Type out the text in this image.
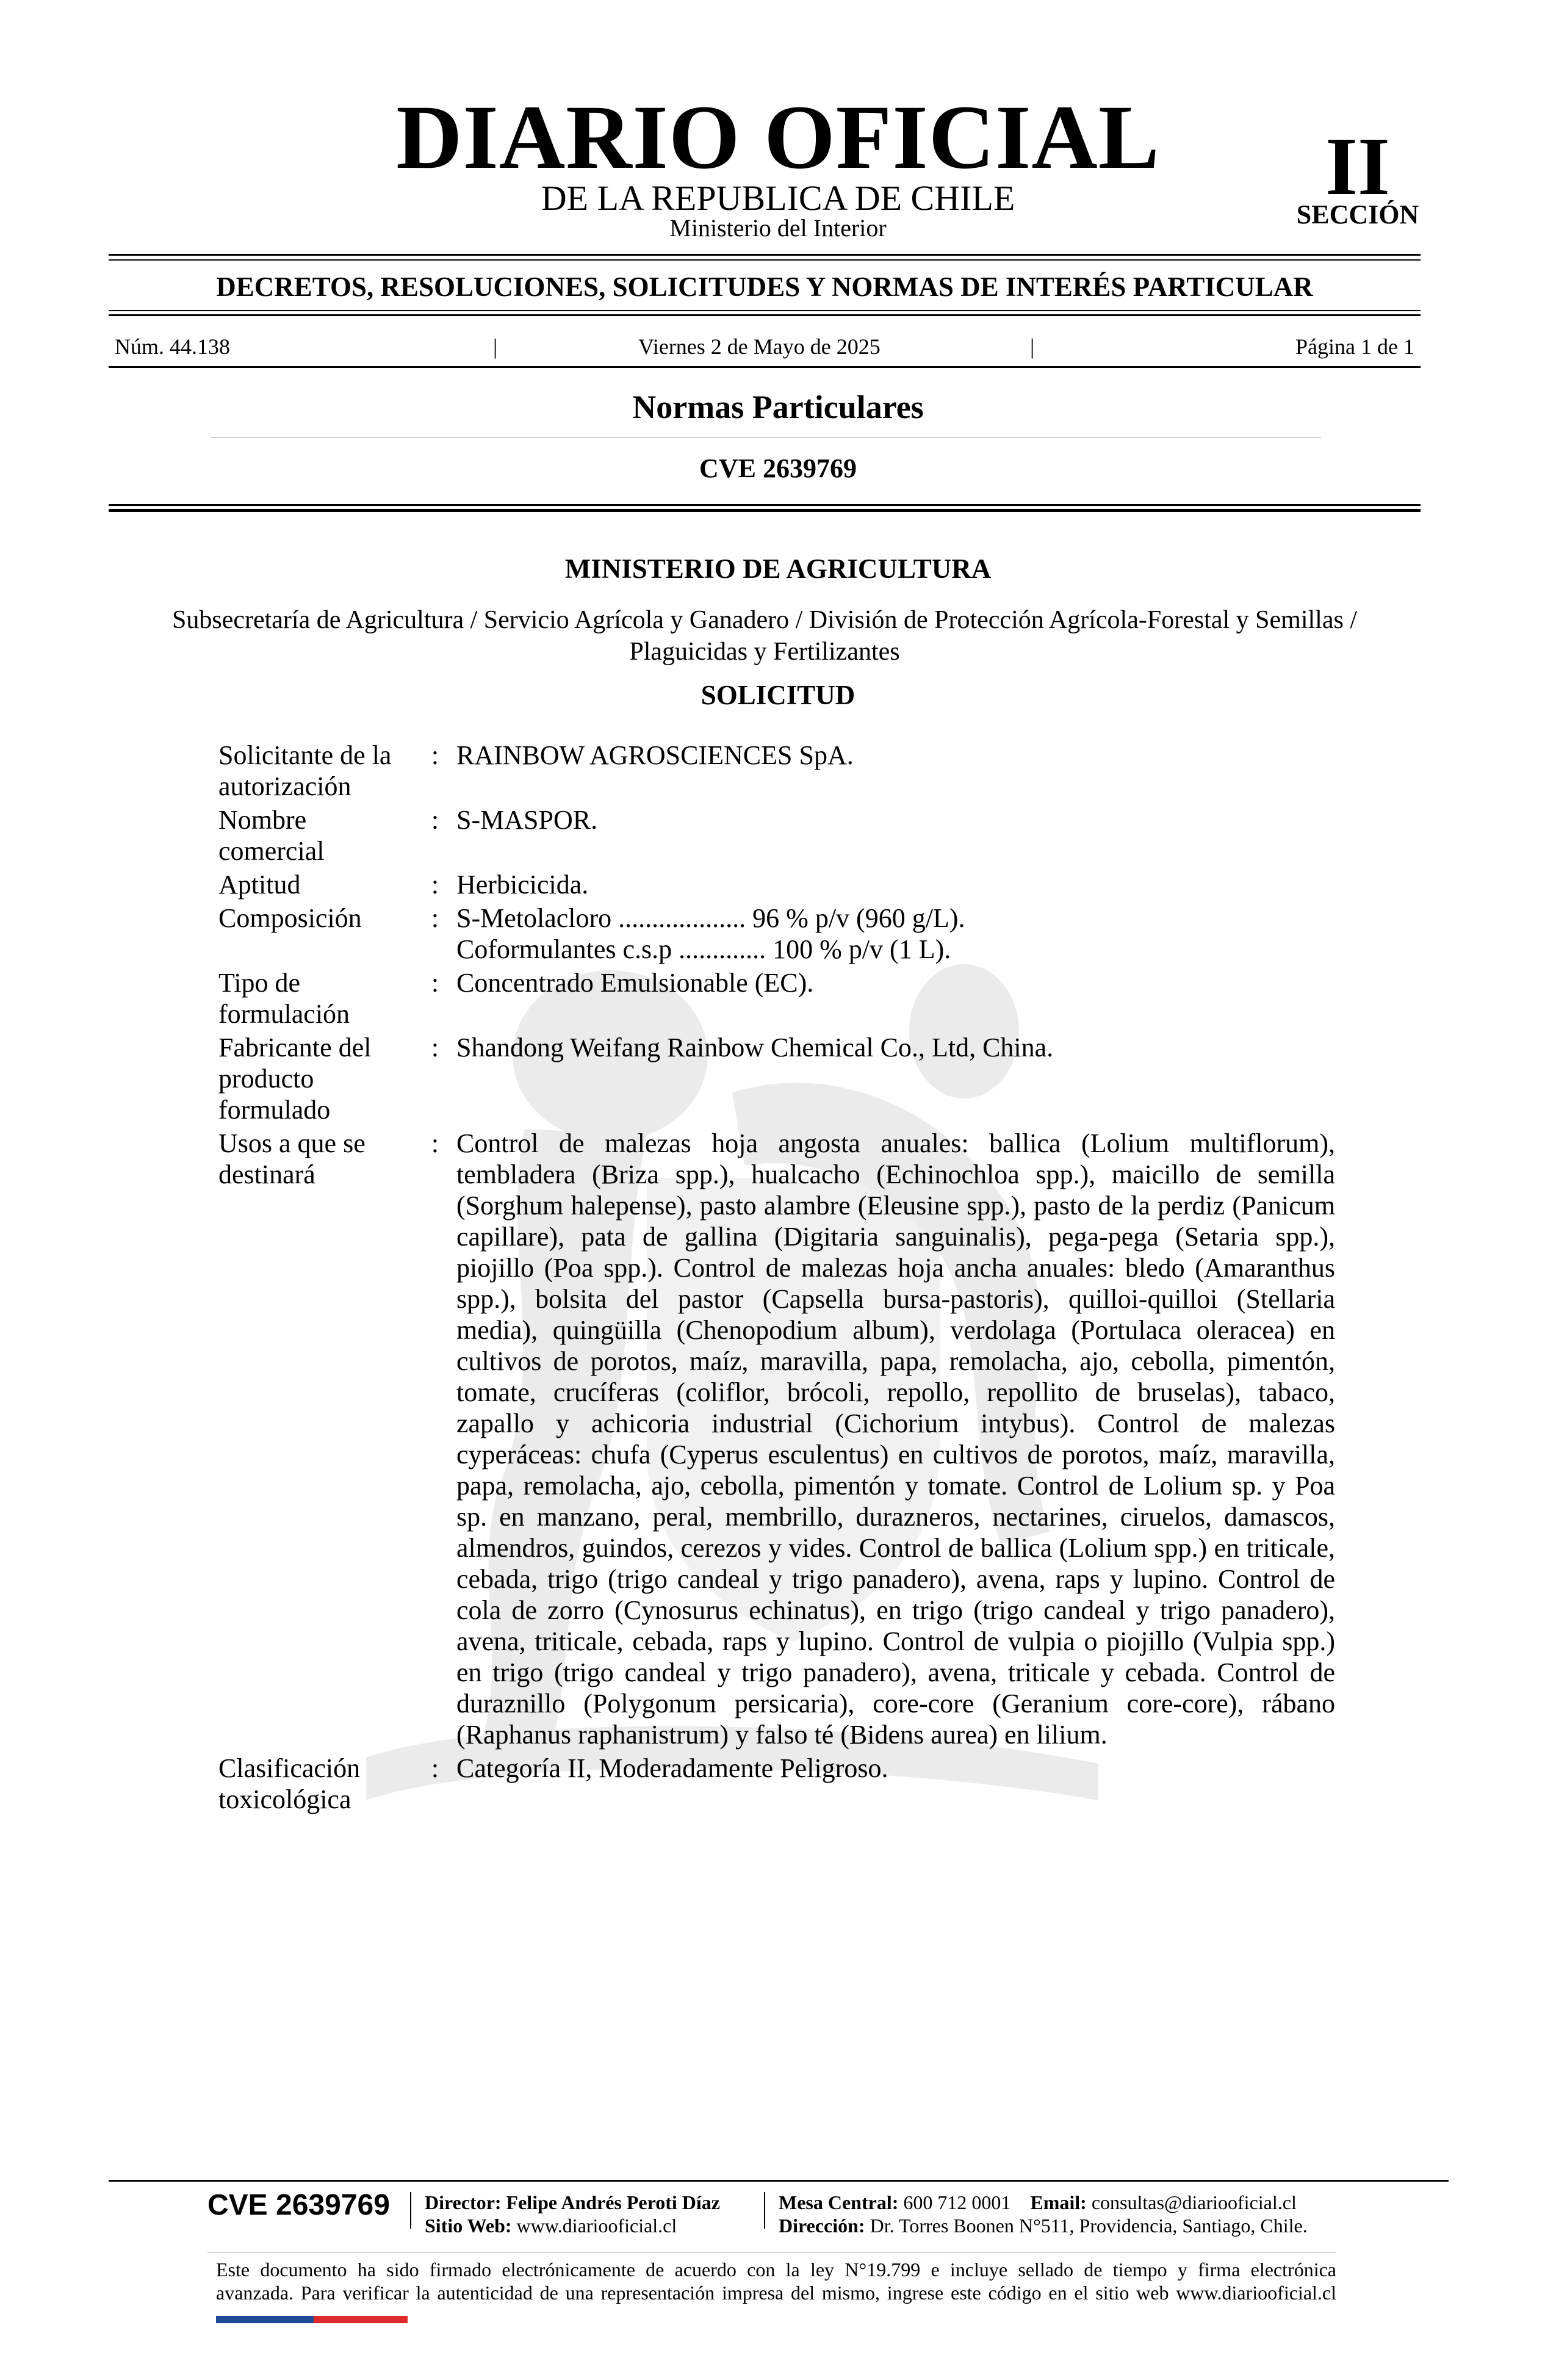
DIARIO OFICIAL
DE LA REPUBLICA DE CHILE
Ministerio del Interior
II
SECCIÓN
DECRETOS, RESOLUCIONES, SOLICITUDES Y NORMAS DE INTERÉS PARTICULAR
Núm. 44.138	|	Viernes 2 de Mayo de 2025	|	Página 1 de 1
Normas Particulares
CVE 2639769
MINISTERIO DE AGRICULTURA
Subsecretaría de Agricultura / Servicio Agrícola y Ganadero / División de Protección Agrícola-Forestal y Semillas /
Plaguicidas y Fertilizantes
SOLICITUD
Solicitante de la autorización
: RAINBOW AGROSCIENCES SpA.
Nombre comercial
: S-MASPOR.
Aptitud	: Herbicicida.
Composición	: S-Metolacloro ................... 96 % p/v (960 g/L).
Coformulantes c.s.p ............. 100 % p/v (1 L).
Tipo de formulación
: Concentrado Emulsionable (EC).
Fabricante del producto formulado
: Shandong Weifang Rainbow Chemical Co., Ltd, China.
Usos a que se destinará
: Control de malezas hoja angosta anuales: ballica (Lolium multiflorum), tembladera (Briza spp.), hualcacho (Echinochloa spp.), maicillo de semilla (Sorghum halepense), pasto alambre (Eleusine spp.), pasto de la perdiz (Panicum capillare), pata de gallina (Digitaria sanguinalis), pega-pega (Setaria spp.), piojillo (Poa spp.). Control de malezas hoja ancha anuales: bledo (Amaranthus spp.), bolsita del pastor (Capsella bursa-pastoris), quilloi-quilloi (Stellaria media), quingüilla (Chenopodium album), verdolaga (Portulaca oleracea) en cultivos de porotos, maíz, maravilla, papa, remolacha, ajo, cebolla, pimentón, tomate, crucíferas (coliflor, brócoli, repollo, repollito de bruselas), tabaco, zapallo y achicoria industrial (Cichorium intybus). Control de malezas cyperáceas: chufa (Cyperus esculentus) en cultivos de porotos, maíz, maravilla, papa, remolacha, ajo, cebolla, pimentón y tomate. Control de Lolium sp. y Poa sp. en manzano, peral, membrillo, durazneros, nectarines, ciruelos, damascos, almendros, guindos, cerezos y vides. Control de ballica (Lolium spp.) en triticale, cebada, trigo (trigo candeal y trigo panadero), avena, raps y lupino. Control de cola de zorro (Cynosurus echinatus), en trigo (trigo candeal y trigo panadero), avena, triticale, cebada, raps y lupino. Control de vulpia o piojillo (Vulpia spp.) en trigo (trigo candeal y trigo panadero), avena, triticale y cebada. Control de duraznillo (Polygonum persicaria), core-core (Geranium core-core), rábano (Raphanus raphanistrum) y falso té (Bidens aurea) en lilium.
Clasificación toxicológica
: Categoría II, Moderadamente Peligroso.
CVE 2639769	Director: Felipe Andrés Peroti Díaz
Sitio Web: www.diariooficial.cl
Mesa Central: 600 712 0001 Email: consultas@diariooficial.cl
Dirección: Dr. Torres Boonen N°511, Providencia, Santiago, Chile.
Este documento ha sido firmado electrónicamente de acuerdo con la ley N°19.799 e incluye sellado de tiempo y firma electrónica
avanzada. Para verificar la autenticidad de una representación impresa del mismo, ingrese este código en el sitio web www.diariooficial.cl
